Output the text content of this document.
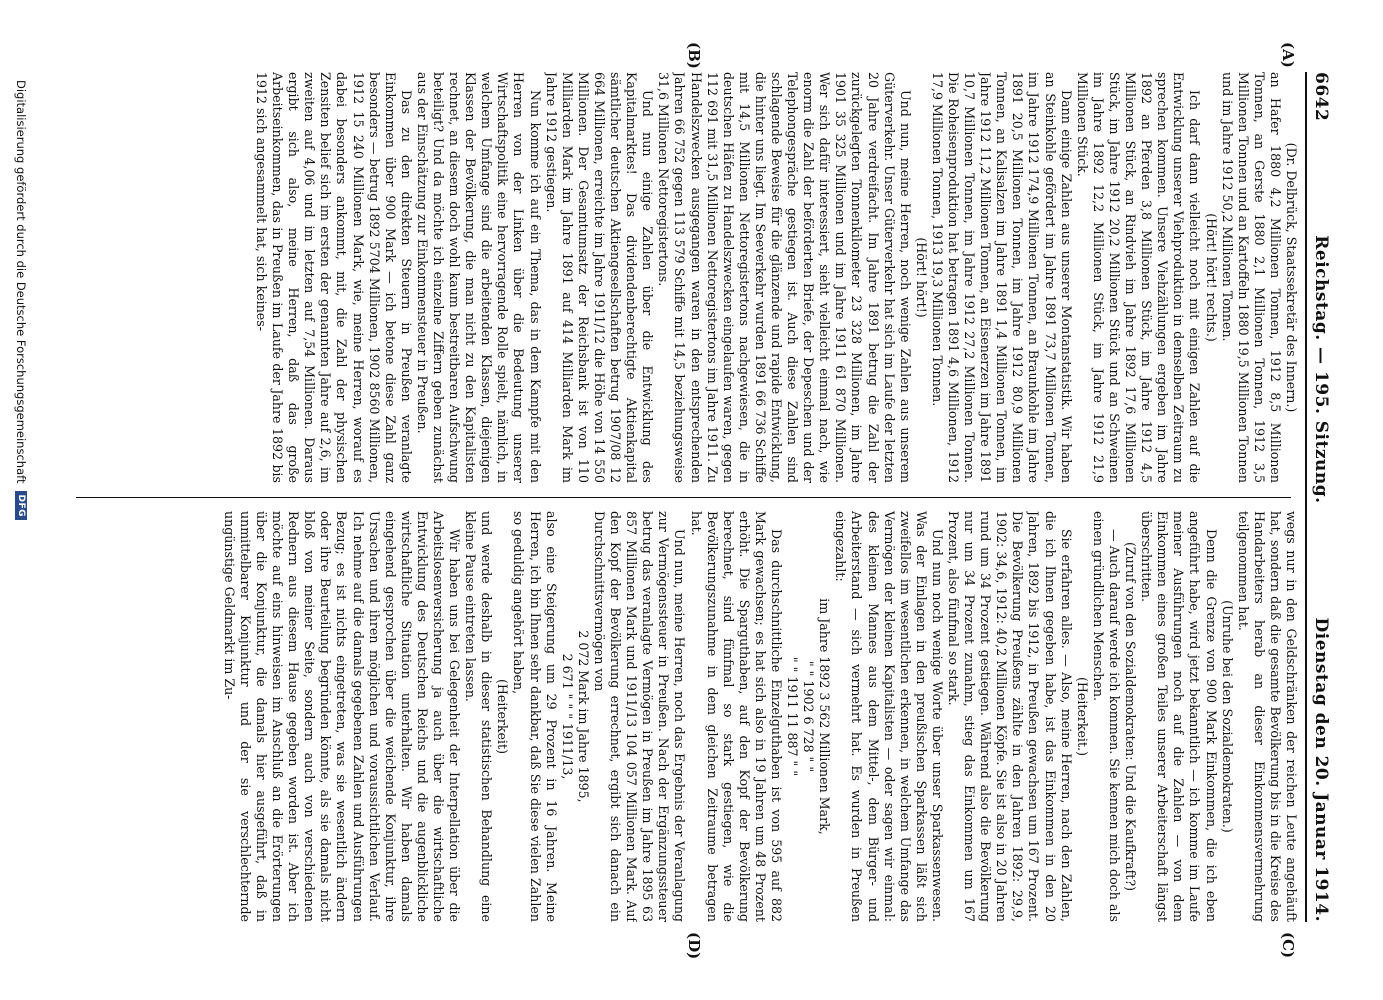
6642
Reichstag. — 195. Sitzung.
Dienstag den 20. Januar 1914.
(A)
(B)
(C)
(D)

(Dr. Delbrück, Staatssekretär des Innern.)

an Hafer 1880 4,2 Millionen Tonnen, 1912 8,5 Millionen Tonnen, an Gerste 1880 2,1 Millionen Tonnen, 1912 3,5 Millionen Tonnen und an Kartoffeln 1880 19,5 Millionen Tonnen und im Jahre 1912 50,2 Millionen Tonnen.

(Hört! hört! rechts.)

Ich darf dann vielleicht noch mit einigen Zahlen auf die Entwicklung unserer Viehproduktion in demselben Zeitraum zu sprechen kommen. Unsere Viehzählungen ergeben im Jahre 1892 an Pferden 3,8 Millionen Stück, im Jahre 1912 4,5 Millionen Stück, an Rindvieh im Jahre 1892 17,6 Millionen Stück, im Jahre 1912 20,2 Millionen Stück und an Schweinen im Jahre 1892 12,2 Millionen Stück, im Jahre 1912 21,9 Millionen Stück.

Dann einige Zahlen aus unserer Montanstatistik. Wir haben an Steinkohle gefördert im Jahre 1891 73,7 Millionen Tonnen, im Jahre 1912 174,9 Millionen Tonnen, an Braunkohle im Jahre 1891 20,5 Millionen Tonnen, im Jahre 1912 80,9 Millionen Tonnen, an Kalisalzen im Jahre 1891 1,4 Millionen Tonnen, im Jahre 1912 11,2 Millionen Tonnen, an Eisenerzen im Jahre 1891 10,7 Millionen Tonnen, im Jahre 1912 27,2 Millionen Tonnen. Die Roheisenproduktion hat betragen 1891 4,6 Millionen, 1912 17,9 Millionen Tonnen, 1913 19,3 Millionen Tonnen.

(Hört! hört!)

Und nun, meine Herren, noch wenige Zahlen aus unserem Güterverkehr. Unser Güterverkehr hat sich im Laufe der letzten 20 Jahre verdreifacht. Im Jahre 1891 betrug die Zahl der zurückgelegten Tonnenkilometer 23 328 Millionen, im Jahre 1901 35 325 Millionen und im Jahre 1911 61 870 Millionen. Wer sich dafür interessiert, sieht vielleicht einmal nach, wie enorm die Zahl der beförderten Briefe, der Depeschen und der Telephongespräche gestiegen ist. Auch diese Zahlen sind schlagende Beweise für die glänzende und rapide Entwicklung, die hinter uns liegt. Im Seeverkehr wurden 1891 66 736 Schiffe mit 14,5 Millionen Nettoregistertons nachgewiesen, die in deutschen Häfen zu Handelszwecken eingelaufen waren, gegen 112 691 mit 31,5 Millionen Nettoregistertons im Jahre 1911. Zu Handelszwecken ausgegangen waren in den entsprechenden Jahren 66 752 gegen 113 579 Schiffe mit 14,5 beziehungsweise 31,6 Millionen Nettoregistertons.

Und nun einige Zahlen über die Entwicklung des Kapitalmarktes! Das dividendenberechtigte Aktienkapital sämtlicher deutschen Aktiengesellschaften betrug 1907/08 12 664 Millionen, erreichte im Jahre 1911/12 die Höhe von 14 550 Millionen. Der Gesamtumsatz der Reichsbank ist von 110 Milliarden Mark im Jahre 1891 auf 414 Milliarden Mark im Jahre 1912 gestiegen.

Nun komme ich auf ein Thema, das in dem Kampfe mit den Herren von der Linken über die Bedeutung unserer Wirtschaftspolitik eine hervorragende Rolle spielt, nämlich, in welchem Umfange sind die arbeitenden Klassen, diejenigen Klassen der Bevölkerung, die man nicht zu den Kapitalisten rechnet, an diesem doch wohl kaum bestreitbaren Aufschwung beteiligt? Und da möchte ich einzelne Ziffern geben zunächst aus der Einschätzung zur Einkommensteuer in Preußen.

Das zu den direkten Steuern in Preußen veranlagte Einkommen über 900 Mark — ich betone diese Zahl ganz besonders — betrug 1892 5704 Millionen, 1902 8560 Millionen, 1912 15 240 Millionen Mark, wie, meine Herren, worauf es dabei besonders ankommt, mit, die Zahl der physischen Zensiten belief sich im ersten der genannten Jahre auf 2,6, im zweiten auf 4,06 und im letzten auf 7,54 Millionen. Daraus ergibt sich also, meine Herren, daß das große Arbeitseinkommen, das in Preußen im Laufe der Jahre 1892 bis 1912 sich angesammelt hat, sich keines-

wegs nur in den Geldschränken der reichen Leute angehäuft hat, sondern daß die gesamte Bevölkerung bis in die Kreise des Handarbeiters herab an dieser Einkommensvermehrung teilgenommen hat.

(Unruhe bei den Sozialdemokraten.)

Denn die Grenze von 900 Mark Einkommen, die ich eben angeführt habe, wird jetzt bekanntlich — ich komme im Laufe meiner Ausführungen noch auf die Zahlen — von dem Einkommen eines großen Teiles unserer Arbeiterschaft längst überschritten.

(Zuruf von den Sozialdemokraten: Und die Kaufkraft?)

— Auch darauf werde ich kommen. Sie kennen mich doch als einen gründlichen Menschen.

(Heiterkeit.)

Sie erfahren alles. — Also, meine Herren, nach den Zahlen, die ich Ihnen gegeben habe, ist das Einkommen in den 20 Jahren, 1892 bis 1912, in Preußen gewachsen um 167 Prozent. Die Bevölkerung Preußens zählte in den Jahren 1892: 29,9, 1902: 34,6, 1912: 40,2 Millionen Köpfe. Sie ist also in 20 Jahren rund um 34 Prozent gestiegen. Während also die Bevölkerung nur um 34 Prozent zunahm, stieg das Einkommen um 167 Prozent, also fünfmal so stark.

Und nun noch wenige Worte über unser Sparkassenwesen. Was der Einlagen in den preußischen Sparkassen läßt sich zweifellos im wesentlichen erkennen, in welchem Umfange das Vermögen der kleinen Kapitalisten — oder sagen wir einmal: des kleinen Mannes aus dem Mittel-, dem Bürger- und Arbeiterstand — sich vermehrt hat. Es wurden in Preußen eingezahlt:

im Jahre 1892 3 562 Millionen Mark,

" " 1902 6 728 " "

" " 1911 11 887 " "

Das durchschnittliche Einzelguthaben ist von 595 auf 882 Mark gewachsen; es hat sich also in 19 Jahren um 48 Prozent erhöht. Die Sparguthaben, auf den Kopf der Bevölkerung berechnet, sind fünfmal so stark gestiegen, wie die Bevölkerungszunahme in dem gleichen Zeitraume betragen hat.

Und nun, meine Herren, noch das Ergebnis der Veranlagung zur Vermögenssteuer in Preußen. Nach der Ergänzungssteuer betrug das veranlagte Vermögen in Preußen im Jahre 1895 63 857 Millionen Mark und 1911/13 104 057 Millionen Mark. Auf den Kopf der Bevölkerung errechnet, ergibt sich danach ein Durchschnittsvermögen von

2 072 Mark im Jahre 1895,

2 671 " " " 1911/13,

also eine Steigerung um 29 Prozent in 16 Jahren. Meine Herren, ich bin Ihnen sehr dankbar, daß Sie diese vielen Zahlen so geduldig angehört haben,

(Heiterkeit)

und werde deshalb in dieser statistischen Behandlung eine kleine Pause eintreten lassen.

Wir haben uns bei Gelegenheit der Interpellation über die Arbeitslosenversicherung ja auch über die wirtschaftliche Entwicklung des Deutschen Reichs und die augenblickliche wirtschaftliche Situation unterhalten. Wir haben damals eingehend gesprochen über die weichende Konjunktur, ihre Ursachen und ihren möglichen und voraussichtlichen Verlauf. Ich nehme auf die damals gegebenen Zahlen und Ausführungen Bezug; es ist nichts eingetreten, was sie wesentlich ändern oder ihre Beurteilung begründen könnte, als sie damals nicht bloß von meiner Seite, sondern auch von verschiedenen Rednern aus diesem Hause gegeben worden ist. Aber ich möchte auf eins hinweisen im Anschluß an die Erörterungen über die Konjunktur, die damals hier ausgeführt, daß in unmittelbarer Konjunktur und der sie verschlechternde ungünstige Geldmarkt im Zu-

Digitalisierung gefördert durch die Deutsche Forschungsgemeinschaft
DFG
